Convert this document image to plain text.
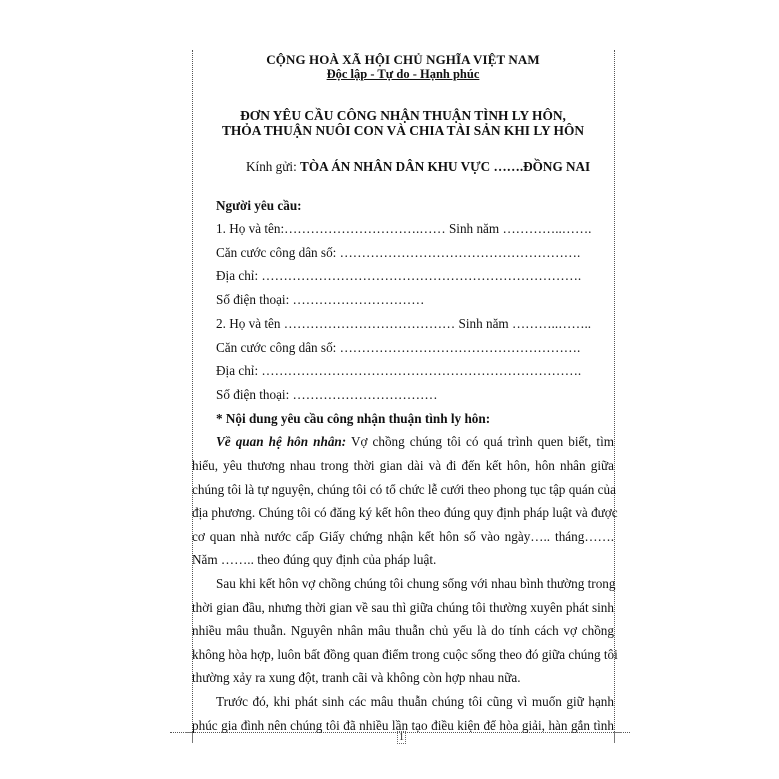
CỘNG HOÀ XÃ HỘI CHỦ NGHĨA VIỆT NAM
Độc lập - Tự do - Hạnh phúc
ĐƠN YÊU CẦU CÔNG NHẬN THUẬN TÌNH LY HÔN,
THỎA THUẬN NUÔI CON VÀ CHIA TÀI SẢN KHI LY HÔN
Kính gửi: TÒA ÁN NHÂN DÂN KHU VỰC …….ĐỒNG NAI
Người yêu cầu:
1. Họ và tên:………………………….…… Sinh năm …………..…….
Căn cước công dân số: ……………………………………………….
Địa chỉ: ……………………………………………………………….
Số điện thoại: …………………………
2. Họ và tên ………………………………… Sinh năm ………..……..
Căn cước công dân số: ……………………………………………….
Địa chỉ: ……………………………………………………………….
Số điện thoại: ……………………………
* Nội dung yêu cầu công nhận thuận tình ly hôn:
Về quan hệ hôn nhân: Vợ chồng chúng tôi có quá trình quen biết, tìm
hiểu, yêu thương nhau trong thời gian dài và đi đến kết hôn, hôn nhân giữa
chúng tôi là tự nguyện, chúng tôi có tổ chức lễ cưới theo phong tục tập quán của
địa phương. Chúng tôi có đăng ký kết hôn theo đúng quy định pháp luật và được
cơ quan nhà nước cấp Giấy chứng nhận kết hôn số vào ngày….. tháng…….
Năm …….. theo đúng quy định của pháp luật.
Sau khi kết hôn vợ chồng chúng tôi chung sống với nhau bình thường trong
thời gian đầu, nhưng thời gian về sau thì giữa chúng tôi thường xuyên phát sinh
nhiều mâu thuẫn. Nguyên nhân mâu thuẫn chủ yếu là do tính cách vợ chồng
không hòa hợp, luôn bất đồng quan điểm trong cuộc sống theo đó giữa chúng tôi
thường xảy ra xung đột, tranh cãi và không còn hợp nhau nữa.
Trước đó, khi phát sinh các mâu thuẫn chúng tôi cũng vì muốn giữ hạnh
phúc gia đình nên chúng tôi đã nhiều lần tạo điều kiện để hòa giải, hàn gắn tình
1
